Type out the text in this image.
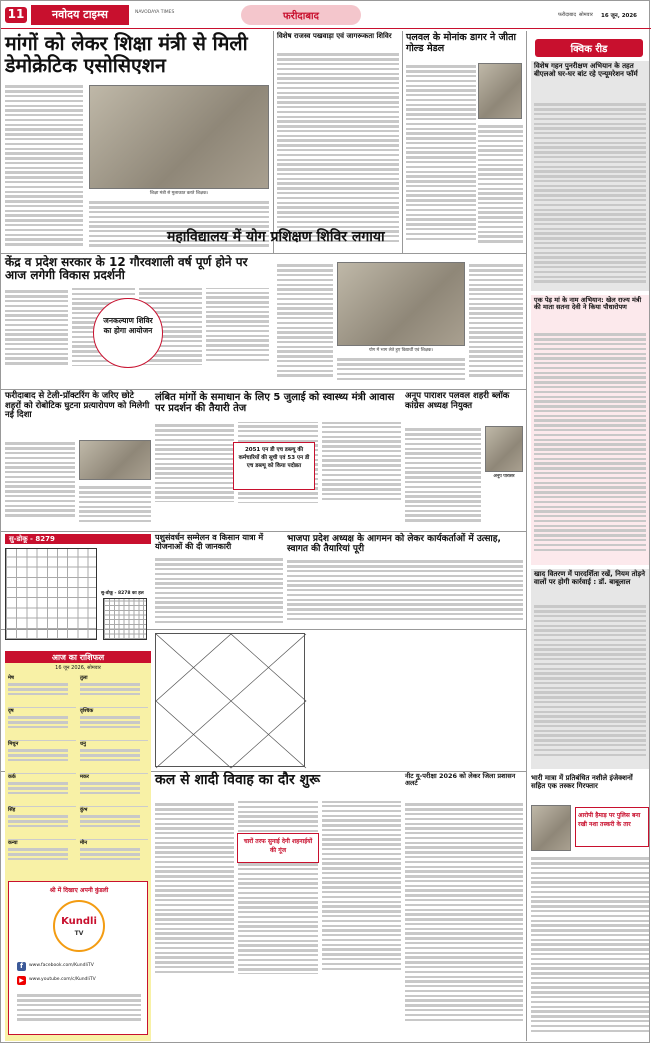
11	नवोदय टाइम्स	NAVODAYA TIMES	फरीदाबाद	फरीदाबाद सोमवार	16 जून, 2026
मांगों को लेकर शिक्षा मंत्री से मिली डेमोक्रेटिक एसोसिएशन
शिक्षा मंत्री से मुलाकात करते शिक्षक।
विशेष राजस्व पखवाड़ा एवं जागरूकता शिविर	पलवल के मोनांक डागर ने जीता गोल्ड मेडल
केंद्र व प्रदेश सरकार के 12 गौरवशाली वर्ष पूर्ण होने पर आज लगेगी विकास प्रदर्शनी
जनकल्याण शिविर का होगा आयोजन
महाविद्यालय में योग प्रशिक्षण शिविर लगाया
योग में भाग लेते हुए विद्यार्थी एवं शिक्षक।
फरीदाबाद से टेली-प्रॉक्टरिंग के जरिए छोटे शहरों को रोबोटिक घुटना प्रत्यारोपण को मिलेगी नई दिशा
लंबित मांगों के समाधान के लिए 5 जुलाई को स्वास्थ्य मंत्री आवास पर प्रदर्शन की तैयारी तेज
2051 एन डी एच डब्ल्यू की कर्मचारियों की सूची एवं 53 एन डी एच डब्ल्यू को किया पदोन्नत
अनूप पाराशर पलवल शहरी ब्लॉक कांग्रेस अध्यक्ष नियुक्त
अनूप पाराशर
सु-डोकू - 8279
सु-डोकू - 8278 का हल
पशुसंवर्धन सम्मेलन व किसान यात्रा में योजनाओं की दी जानकारी
भाजपा प्रदेश अध्यक्ष के आगमन को लेकर कार्यकर्ताओं में उत्साह, स्वागत की तैयारियां पूरी
आज का राशिफल
16 जून 2026, सोमवार
मेष
वृष
मिथुन
कर्क
सिंह
कन्या
तुला
वृश्चिक
धनु
मकर
कुंभ
मीन
श्री में दिखाए अपनी कुंडली
Kundli
TV
f	www.facebook.com/KundliTV
▶	www.youtube.com/c/KundliTV
कल से शादी विवाह का दौर शुरू
चारों तरफ सुनाई देगी शहनाईयों की गूंज
नीट यू-परीक्षा 2026 को लेकर जिला प्रशासन अलर्ट
क्विक रीड
विशेष गहन पुनरीक्षण अभियान के तहत बीएलओ घर-घर बांट रहे एन्यूमरेशन फॉर्म
एक पेड़ मां के नाम अभियान: खेल राज्य मंत्री की माता सतना देवी ने किया पौधारोपण
खाद वितरण में पारदर्शिता रखें, नियम तोड़ने वालों पर होगी कार्रवाई : डॉ. बाबूलाल
भारी मात्रा में प्रतिबंधित नशीले इंजेक्शनों सहित एक तस्कर गिरफ्तार
आरोपी हैमाड़ पर पुलिस बना रखी नशा तस्करी के तार
